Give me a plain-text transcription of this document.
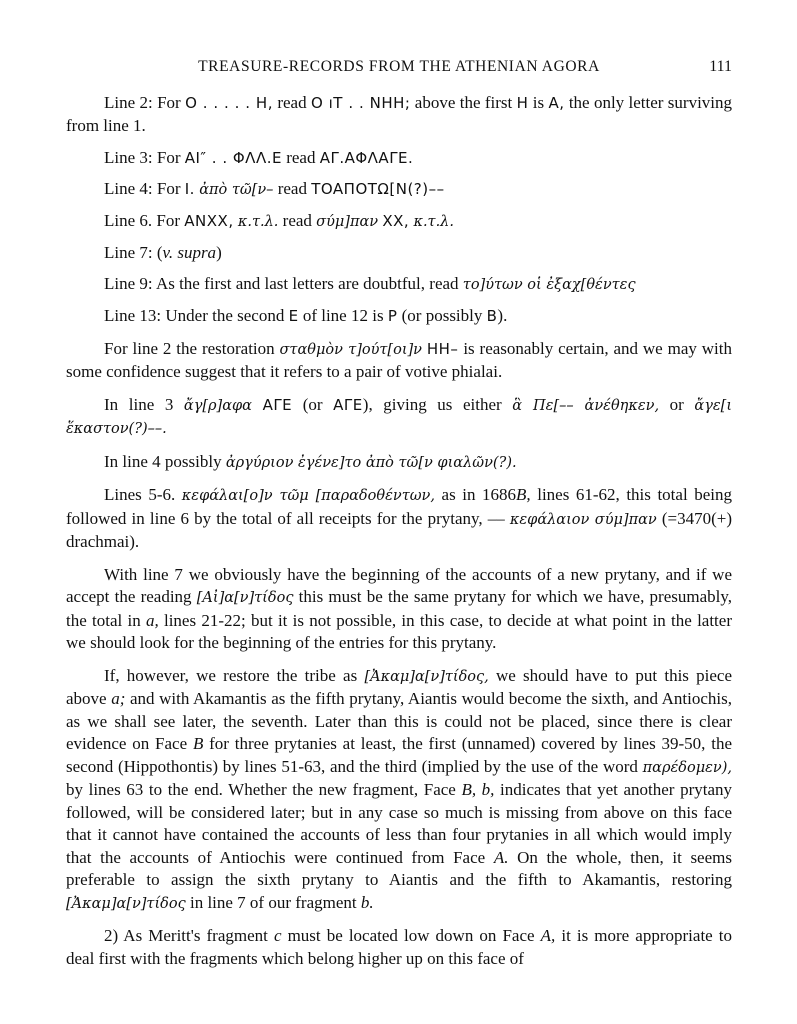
TREASURE-RECORDS FROM THE ATHENIAN AGORA	111

Line 2: For O . . . . . H, read O ıT . . NHH; above the first H is A, the only letter surviving from line 1.

Line 3: For AI″ . . ΦΛΛ.E read AΓ.AΦΛAΓE.

Line 4: For I. ἀπὸ τῶ[ν– read TOAΠOTΩ[N(?)––

Line 6. For ANXX, κ.τ.λ. read σύμ]παν XX, κ.τ.λ.

Line 7: (v. supra)

Line 9: As the first and last letters are doubtful, read το]ύτων οἱ ἐξαχ[θέντες

Line 13: Under the second E of line 12 is P (or possibly B).

For line 2 the restoration σταθμὸν τ]ούτ[οι]ν HH– is reasonably certain, and we may with some confidence suggest that it refers to a pair of votive phialai.

In line 3 ἄγ[ρ]αφα AΓE (or AΓE), giving us either ἃ Πε[–– ἀνέθηκεν, or ἄγε[ι ἕκαστον(?)––.

In line 4 possibly ἀργύριον ἐγένε]το ἀπὸ τῶ[ν φιαλῶν(?).

Lines 5-6. κεφάλαι[ο]ν τῶμ [παραδοθέντων, as in 1686B, lines 61-62, this total being followed in line 6 by the total of all receipts for the prytany, –– κεφάλαιον σύμ]παν (=3470(+) drachmai).

With line 7 we obviously have the beginning of the accounts of a new prytany, and if we accept the reading [Αἰ]α[ν]τίδος this must be the same prytany for which we have, presumably, the total in a, lines 21-22; but it is not possible, in this case, to decide at what point in the latter we should look for the beginning of the entries for this prytany.

If, however, we restore the tribe as [Ἀκαμ]α[ν]τίδος, we should have to put this piece above a; and with Akamantis as the fifth prytany, Aiantis would become the sixth, and Antiochis, as we shall see later, the seventh. Later than this is could not be placed, since there is clear evidence on Face B for three prytanies at least, the first (unnamed) covered by lines 39-50, the second (Hippothontis) by lines 51-63, and the third (implied by the use of the word παρέδομεν), by lines 63 to the end. Whether the new fragment, Face B, b, indicates that yet another prytany followed, will be considered later; but in any case so much is missing from above on this face that it cannot have contained the accounts of less than four prytanies in all which would imply that the accounts of Antiochis were continued from Face A. On the whole, then, it seems preferable to assign the sixth prytany to Aiantis and the fifth to Akamantis, restoring [Ἀκαμ]α[ν]τίδος in line 7 of our fragment b.

2) As Meritt's fragment c must be located low down on Face A, it is more appropriate to deal first with the fragments which belong higher up on this face of
